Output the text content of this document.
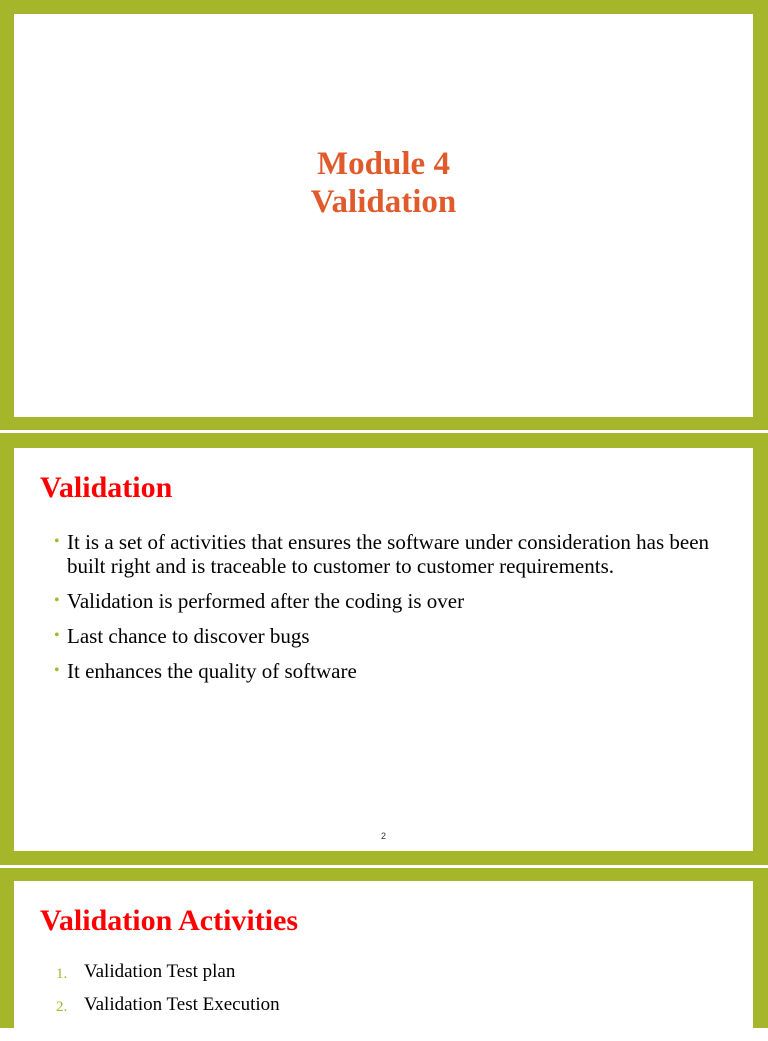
Module 4
Validation
Validation
• It is a set of activities that ensures the software under consideration has been built right and is traceable to customer to customer requirements.
• Validation is performed after the coding is over
• Last chance to discover bugs
• It enhances the quality of software
2
Validation Activities
1. Validation Test plan
2. Validation Test Execution
